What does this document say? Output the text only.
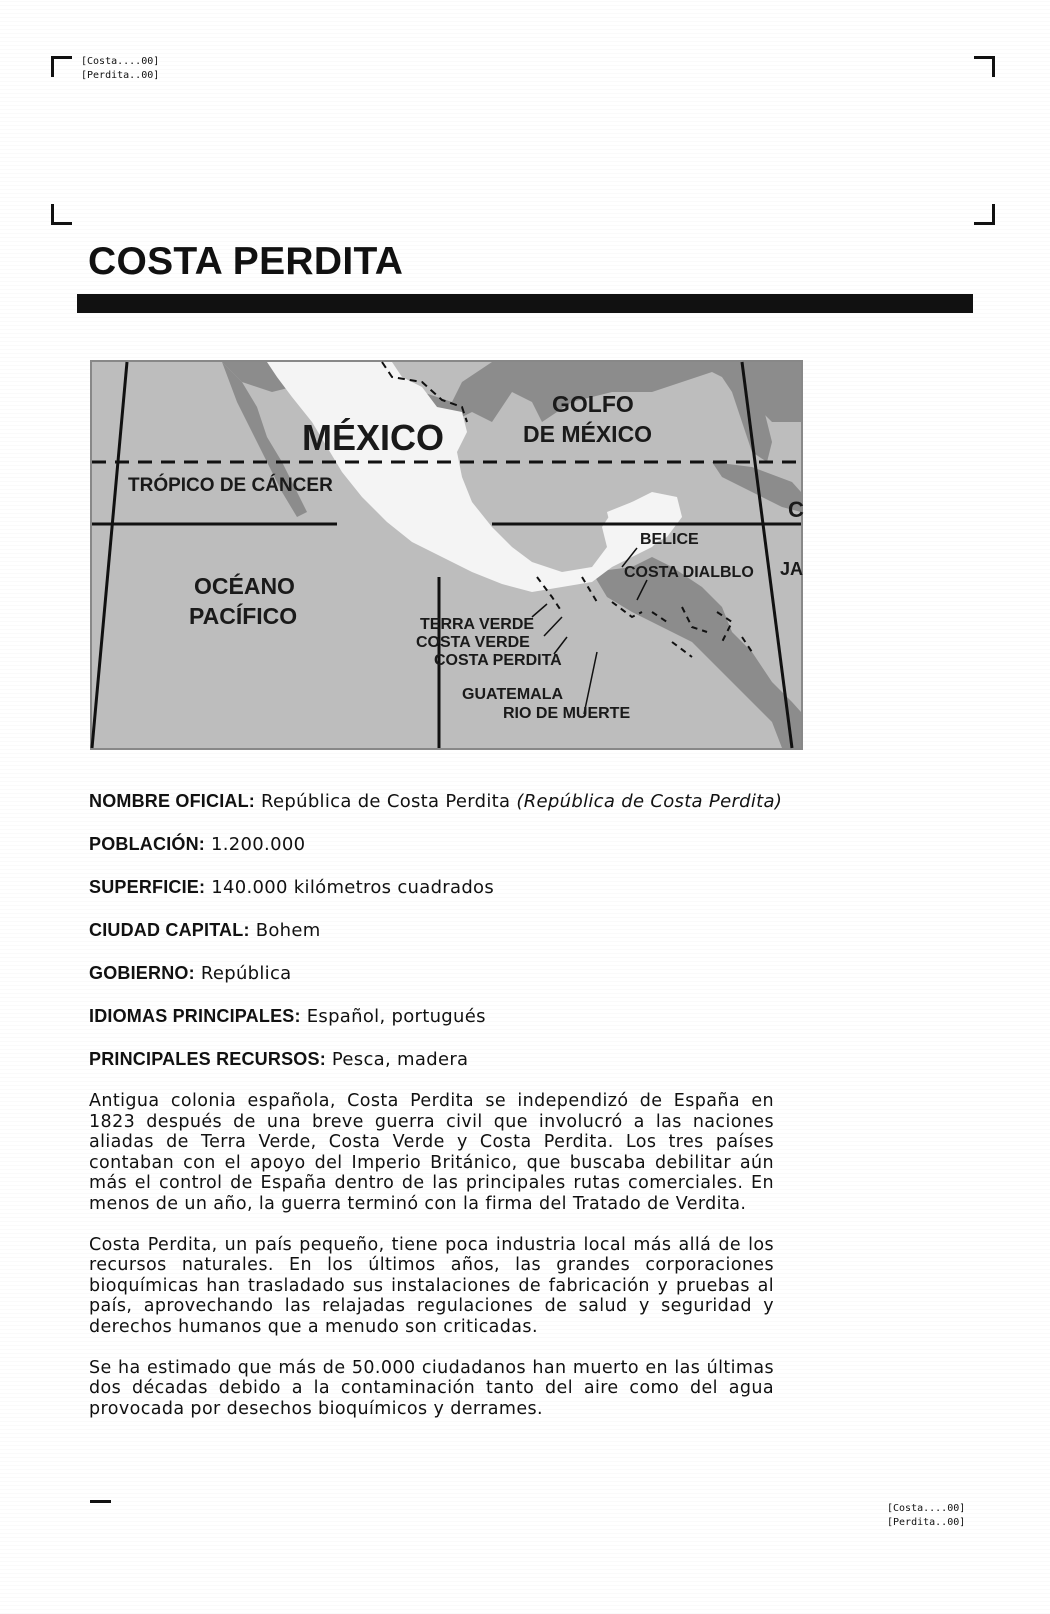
[Costa....00]
[Perdita..00]
COSTA PERDITA
MÉXICO
GOLFO
DE MÉXICO
TRÓPICO DE CÁNCER
OCÉANO
PACÍFICO
BELICE
COSTA DIALBLO
TERRA VERDE
COSTA VERDE
COSTA PERDITA
GUATEMALA
RIO DE MUERTE
C
JA

NOMBRE OFICIAL: República de Costa Perdita (República de Costa Perdita)

POBLACIÓN: 1.200.000

SUPERFICIE: 140.000 kilómetros cuadrados

CIUDAD CAPITAL: Bohem

GOBIERNO: República

IDIOMAS PRINCIPALES: Español, portugués

PRINCIPALES RECURSOS: Pesca, madera

Antigua colonia española, Costa Perdita se independizó de España en 1823 después de una breve guerra civil que involucró a las naciones aliadas de Terra Verde, Costa Verde y Costa Perdita. Los tres países contaban con el apoyo del Imperio Británico, que buscaba debilitar aún más el control de España dentro de las principales rutas comerciales. En menos de un año, la guerra terminó con la firma del Tratado de Verdita.

Costa Perdita, un país pequeño, tiene poca industria local más allá de los recursos naturales. En los últimos años, las grandes corporaciones bioquímicas han trasladado sus instalaciones de fabricación y pruebas al país, aprovechando las relajadas regulaciones de salud y seguridad y derechos humanos que a menudo son criticadas.

Se ha estimado que más de 50.000 ciudadanos han muerto en las últimas dos décadas debido a la contaminación tanto del aire como del agua provocada por desechos bioquímicos y derrames.

[Costa....00]
[Perdita..00]
